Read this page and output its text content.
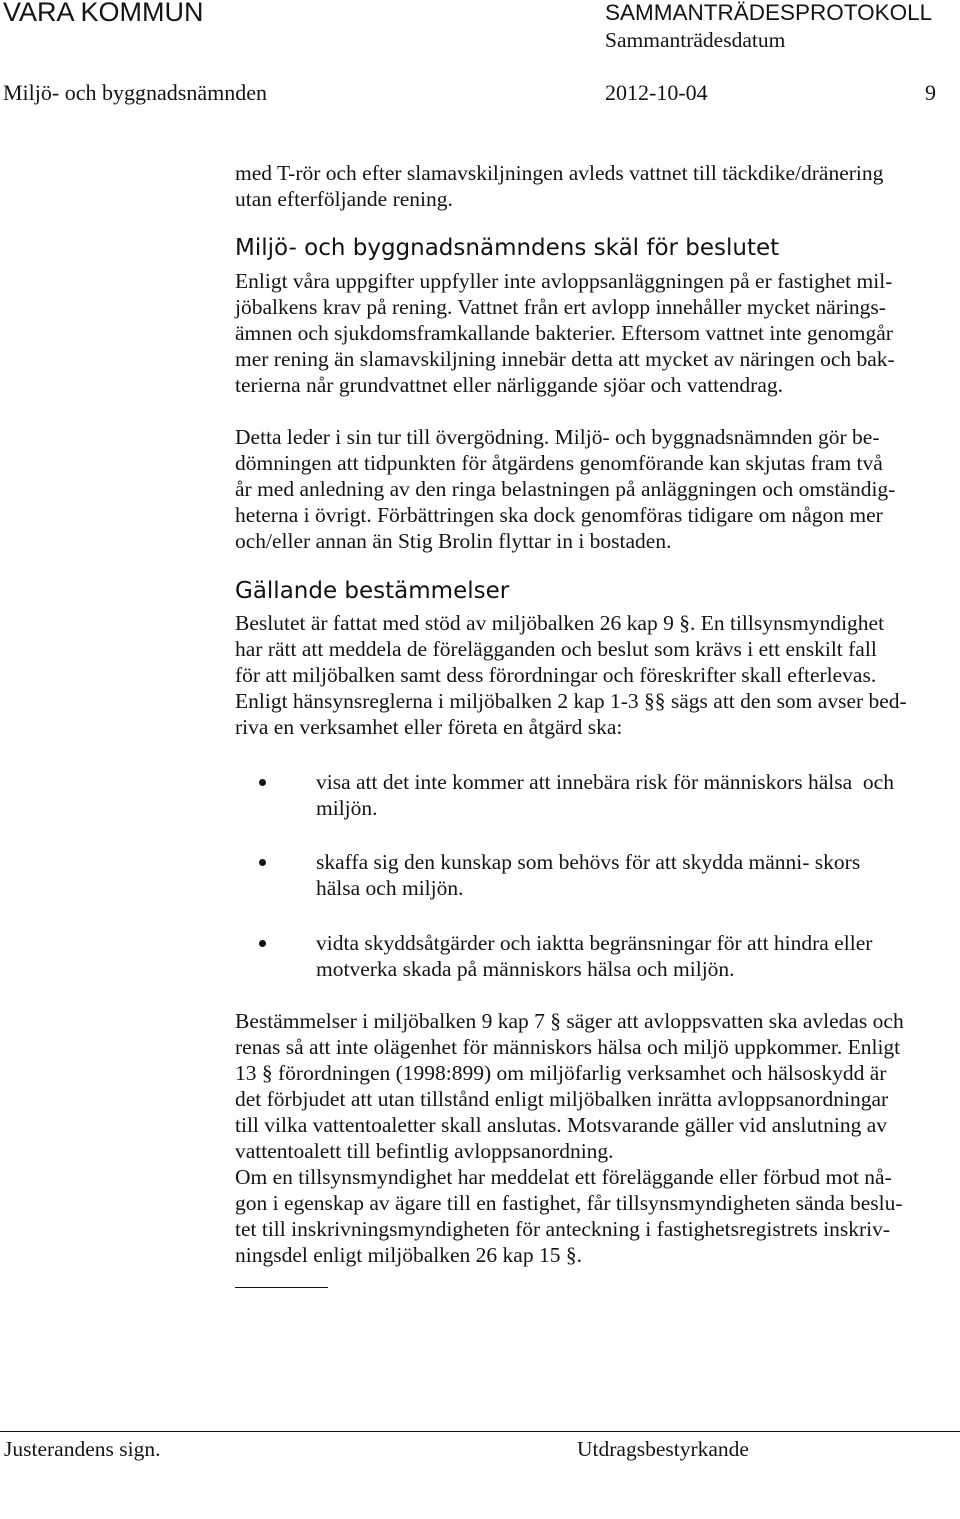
VARA KOMMUN	SAMMANTRÄDESPROTOKOLL
Sammanträdesdatum
Miljö- och byggnadsnämnden	2012-10-04	9
med T-rör och efter slamavskiljningen avleds vattnet till täckdike/dränering
utan efterföljande rening.
Miljö- och byggnadsnämndens skäl för beslutet
Enligt våra uppgifter uppfyller inte avloppsanläggningen på er fastighet mil-
jöbalkens krav på rening. Vattnet från ert avlopp innehåller mycket närings-
ämnen och sjukdomsframkallande bakterier. Eftersom vattnet inte genomgår
mer rening än slamavskiljning innebär detta att mycket av näringen och bak-
terierna når grundvattnet eller närliggande sjöar och vattendrag.
Detta leder i sin tur till övergödning. Miljö- och byggnadsnämnden gör be-
dömningen att tidpunkten för åtgärdens genomförande kan skjutas fram två
år med anledning av den ringa belastningen på anläggningen och omständig-
heterna i övrigt. Förbättringen ska dock genomföras tidigare om någon mer
och/eller annan än Stig Brolin flyttar in i bostaden.
Gällande bestämmelser
Beslutet är fattat med stöd av miljöbalken 26 kap 9 §. En tillsynsmyndighet
har rätt att meddela de förelägganden och beslut som krävs i ett enskilt fall
för att miljöbalken samt dess förordningar och föreskrifter skall efterlevas.
Enligt hänsynsreglerna i miljöbalken 2 kap 1-3 §§ sägs att den som avser bed-
riva en verksamhet eller företa en åtgärd ska:
visa att det inte kommer att innebära risk för människors hälsa  och
miljön.
skaffa sig den kunskap som behövs för att skydda männi- skors
hälsa och miljön.
vidta skyddsåtgärder och iaktta begränsningar för att hindra eller
motverka skada på människors hälsa och miljön.
Bestämmelser i miljöbalken 9 kap 7 § säger att avloppsvatten ska avledas och
renas så att inte olägenhet för människors hälsa och miljö uppkommer. Enligt
13 § förordningen (1998:899) om miljöfarlig verksamhet och hälsoskydd är
det förbjudet att utan tillstånd enligt miljöbalken inrätta avloppsanordningar
till vilka vattentoaletter skall anslutas. Motsvarande gäller vid anslutning av
vattentoalett till befintlig avloppsanordning.
Om en tillsynsmyndighet har meddelat ett föreläggande eller förbud mot nå-
gon i egenskap av ägare till en fastighet, får tillsynsmyndigheten sända beslu-
tet till inskrivningsmyndigheten för anteckning i fastighetsregistrets inskriv-
ningsdel enligt miljöbalken 26 kap 15 §.
Justerandens sign.	Utdragsbestyrkande
